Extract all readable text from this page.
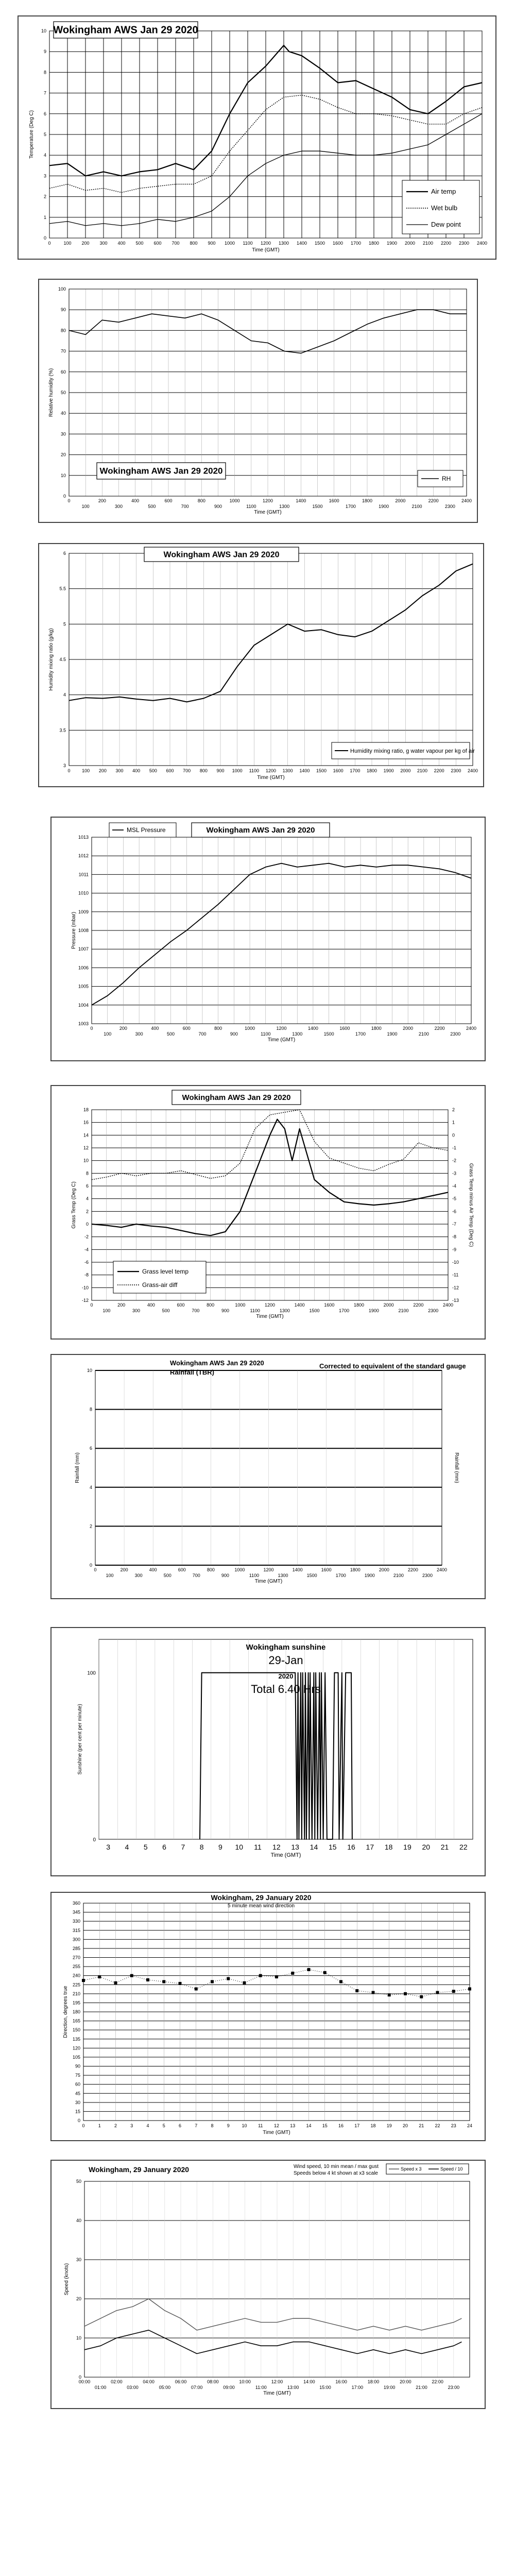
0
1
2
3
4
5
6
7
8
9
10
0	100 200 300 400 500 600 700 800 900 1000 1100 1200 1300 1400 1500 1600 1700 1800 1900 2000 2100 2200 2300 2400
Time (GMT)
Temperature (Deg C)
Wokingham AWS Jan 29 2020
Air temp
Wet bulb
Dew point
0
10
20
30
40
50
60
70
80
90
100
0	200	400	600	800	1000	1200	1400	1600	1800	2000	2200	2400
100	300	500	700	900	1100	1300	1500	1700	1900	2100	2300
Time (GMT)
Relative humidity (%)
Wokingham AWS Jan 29 2020
RH
3
3.5
4
4.5
5
5.5
6
0	100 200 300 400 500 600 700 800 900 1000 1100 1200 1300 1400 1500 1600 1700 1800 1900 2000 2100 2200 2300 2400
Time (GMT)
Humidity mixing ratio (g/kg)
Wokingham AWS Jan 29 2020
Humidity mixing ratio, g water vapour per kg of air
1003
1004
1005
1006
1007
1008
1009
1010
1011
1012
1013
0	200	400	600	800	1000	1200	1400	1600	1800	2000	2200	2400
100	300	500	700	900	1100	1300	1500	1700	1900	2100	2300
Time (GMT)
Pressure (mbar)
MSL Pressure	Wokingham AWS Jan 29 2020
-12
-10
-8
-6
-4
-2
0
2
4
6
8
10
12
14
16
18
0	200	400	600	800	1000	1200	1400	1600	1800	2000	2200	2400
100	300	500	700	900	1100	1300	1500	1700	1900	2100	2300
Time (GMT)
Grass Temp (Deg C)
-13
-12
-11
-10
-9
-8
-7
-6
-5
-4
-3
-2
-1
0
1
2
Grass Temp minus Air Temp (Deg C)
Wokingham AWS Jan 29 2020
Grass level temp
Grass-air diff
0
2
4
6
8
10
0	200	400	600	800	1000	1200	1400	1600	1800	2000	2200	2400
100	300	500	700	900	1100	1300	1500	1700	1900	2100	2300
Time (GMT)
Rainfall (mm)
Wokingham AWS Jan 29 2020
Rainfall (TBR)
Corrected to equivalent of the standard gauge
Rainfall (mm)
3 4 5 6 7 8 9 10 11 12 13 14 15 16 17 18 19 20 21 22
0
100
Time (GMT)
Sunshine (per cent per minute)
Wokingham sunshine
29-Jan
2020
Total 6.40 Hrs
0
15
30
45
60
75
90
105
120
135
150
165
180
195
210
225
240
255
270
285
300
315
330
345
360
0	1	2	3	4	5	6	7	8	9	10 11 12 13 14 15 16 17 18 19 20 21 22 23 24
Time (GMT)
Direction, degrees true
Wokingham, 29 January 2020
5 minute mean wind direction
0
10
20
30
40
50
00:00	02:00	04:00	06:00	08:00	10:00	12:00	14:00	16:00	18:00	20:00	22:00
01:00	03:00	05:00	07:00	09:00	11:00	13:00	15:00	17:00	19:00	21:00	23:00
Time (GMT)
Speed (knots)
Wokingham, 29 January 2020	Wind speed, 10 min mean / max gust
Speeds below 4 kt shown at x3 scale
Speed x 3	Speed / 10
